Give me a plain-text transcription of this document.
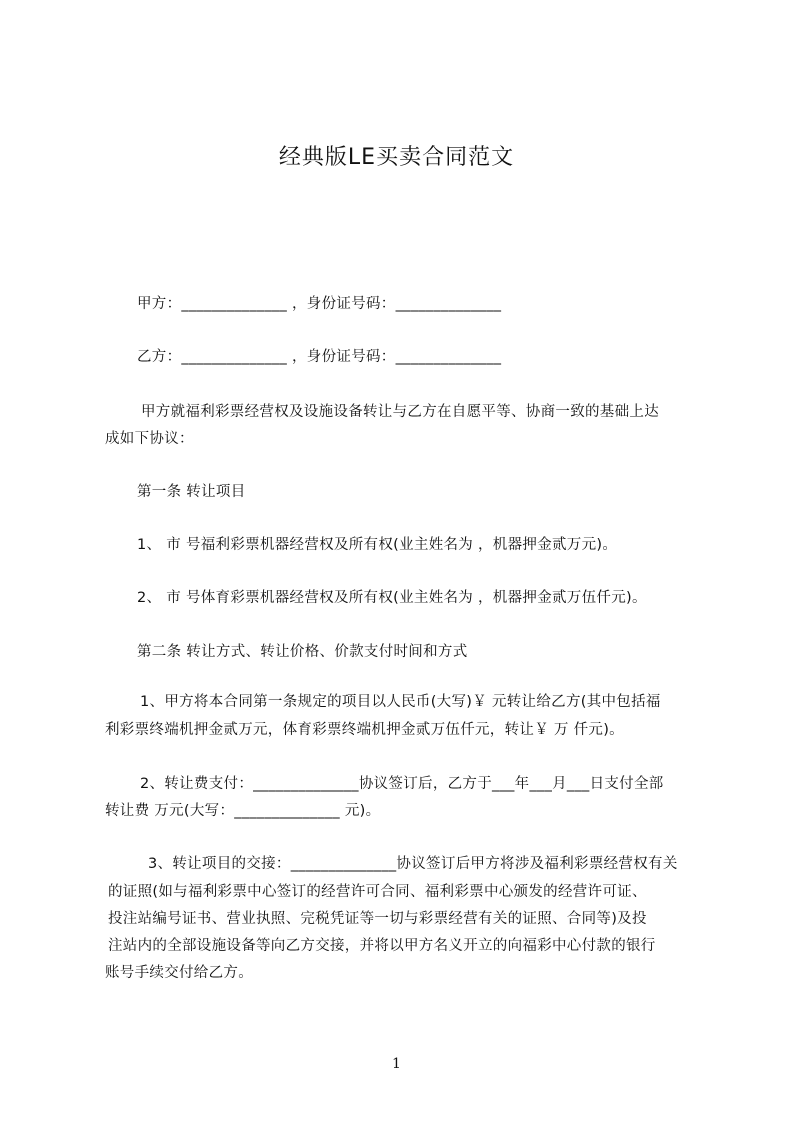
经典版LE买卖合同范文
甲方：______________ ，身份证号码：______________
乙方：______________ ，身份证号码：______________
甲方就福利彩票经营权及设施设备转让与乙方在自愿平等、协商一致的基础上达
成如下协议：
第一条 转让项目
1、 市 号福利彩票机器经营权及所有权(业主姓名为 ，机器押金贰万元)。
2、 市 号体育彩票机器经营权及所有权(业主姓名为 ，机器押金贰万伍仟元)。
第二条 转让方式、转让价格、价款支付时间和方式
1、甲方将本合同第一条规定的项目以人民币(大写)￥ 元转让给乙方(其中包括福
利彩票终端机押金贰万元，体育彩票终端机押金贰万伍仟元，转让￥ 万 仟元)。
2、转让费支付：______________协议签订后，乙方于___年___月___日支付全部
转让费 万元(大写：______________ 元)。
3、转让项目的交接：______________协议签订后甲方将涉及福利彩票经营权有关
的证照(如与福利彩票中心签订的经营许可合同、福利彩票中心颁发的经营许可证、
投注站编号证书、营业执照、完税凭证等一切与彩票经营有关的证照、合同等)及投
注站内的全部设施设备等向乙方交接，并将以甲方名义开立的向福彩中心付款的银行
账号手续交付给乙方。
1
